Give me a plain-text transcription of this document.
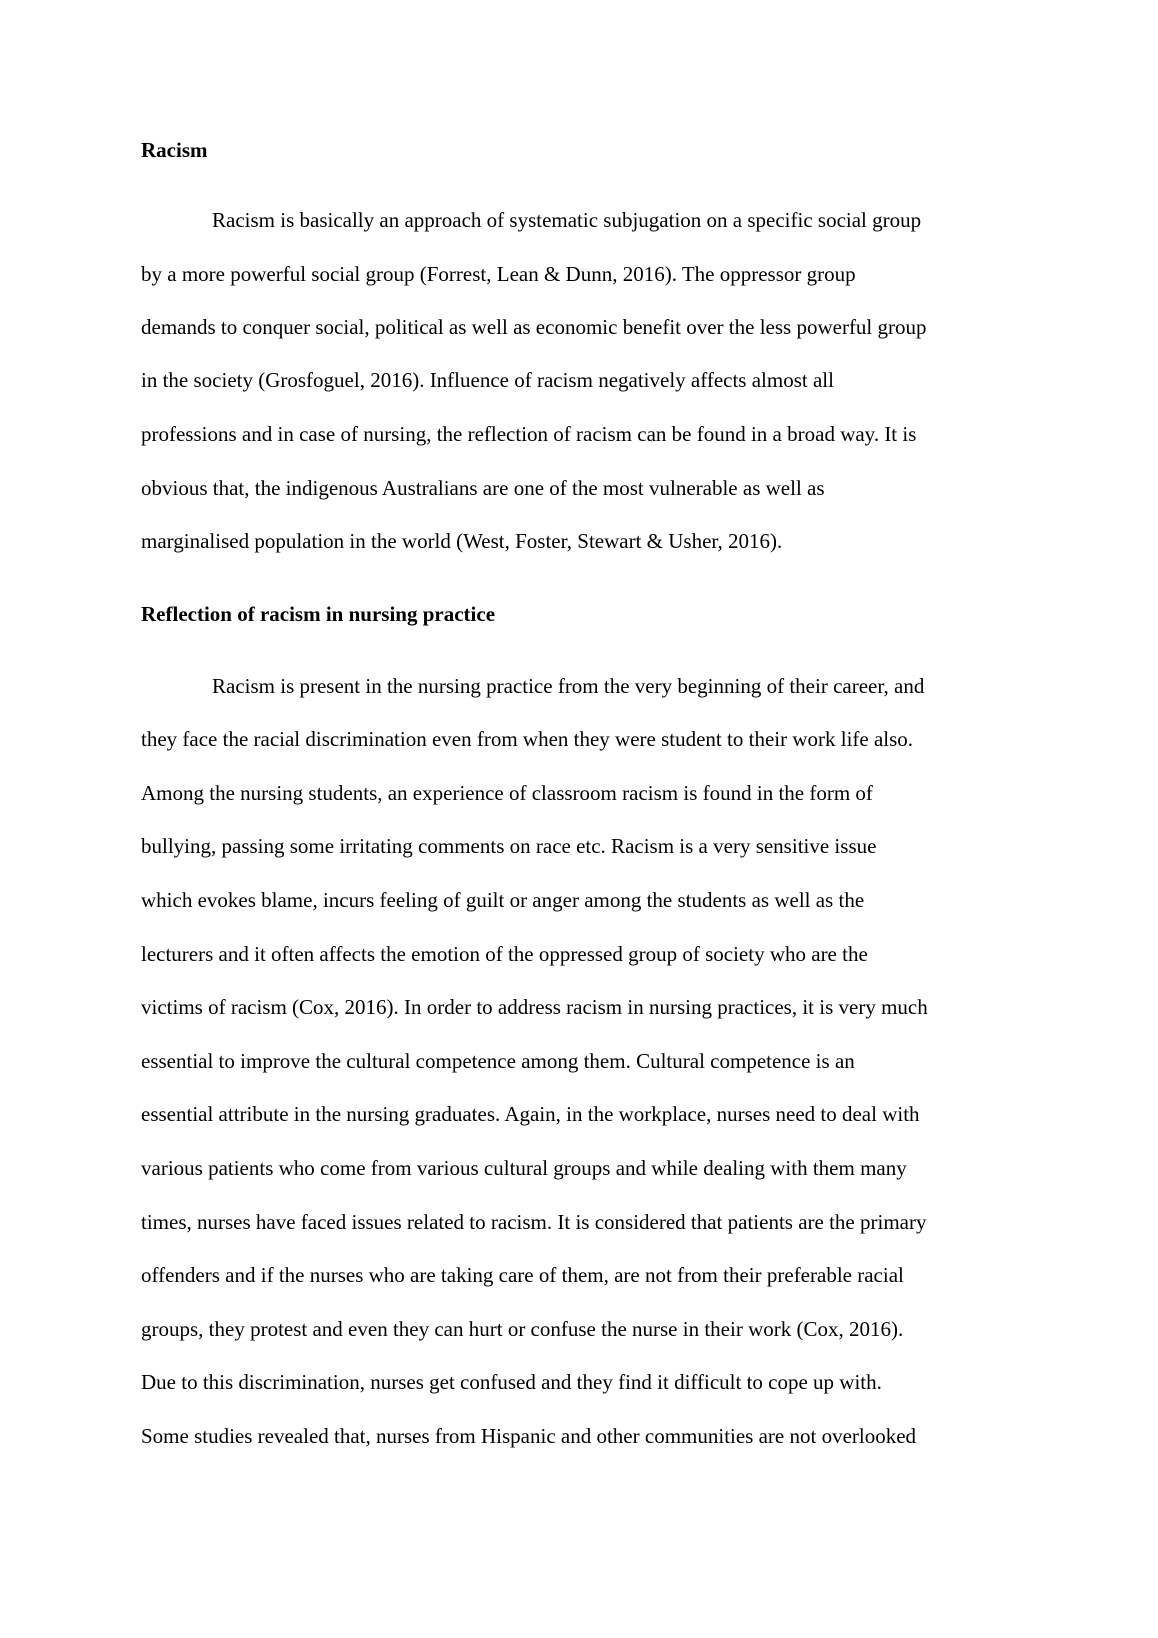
Racism

Racism is basically an approach of systematic subjugation on a specific social group

by a more powerful social group (Forrest, Lean & Dunn, 2016). The oppressor group

demands to conquer social, political as well as economic benefit over the less powerful group

in the society (Grosfoguel, 2016). Influence of racism negatively affects almost all

professions and in case of nursing, the reflection of racism can be found in a broad way. It is

obvious that, the indigenous Australians are one of the most vulnerable as well as

marginalised population in the world (West, Foster, Stewart & Usher, 2016).

Reflection of racism in nursing practice

Racism is present in the nursing practice from the very beginning of their career, and

they face the racial discrimination even from when they were student to their work life also.

Among the nursing students, an experience of classroom racism is found in the form of

bullying, passing some irritating comments on race etc. Racism is a very sensitive issue

which evokes blame, incurs feeling of guilt or anger among the students as well as the

lecturers and it often affects the emotion of the oppressed group of society who are the

victims of racism (Cox, 2016). In order to address racism in nursing practices, it is very much

essential to improve the cultural competence among them. Cultural competence is an

essential attribute in the nursing graduates. Again, in the workplace, nurses need to deal with

various patients who come from various cultural groups and while dealing with them many

times, nurses have faced issues related to racism. It is considered that patients are the primary

offenders and if the nurses who are taking care of them, are not from their preferable racial

groups, they protest and even they can hurt or confuse the nurse in their work (Cox, 2016).

Due to this discrimination, nurses get confused and they find it difficult to cope up with.

Some studies revealed that, nurses from Hispanic and other communities are not overlooked
